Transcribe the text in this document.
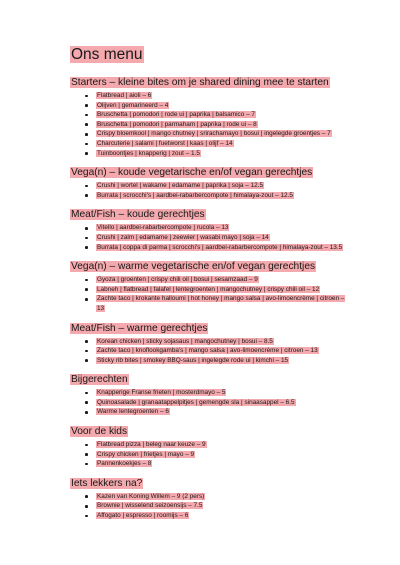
Ons menu
Starters – kleine bites om je shared dining mee te starten
Flatbread | aioli – 6
Olijven | gemarineerd – 4
Bruschetta | pomodori | rode ui | paprika | balsamico – 7
Bruschetta | pomodori | parmaham | paprika | rode ui – 8
Crispy bloemkool | mango chutney | srirachamayo | bosui | ingelegde groentjes – 7
Charcuterie | salami | fuetworst | kaas | olijf – 14
Tuinboontjes | knapperig | zout – 1.5
Vega(n) – koude vegetarische en/of vegan gerechtjes
Crushi | wortel | wakame | edamame | paprika | soja – 12.5
Burrata | scrocchi's | aardbei-rabarbercompote | himalaya-zout – 12.5
Meat/Fish – koude gerechtjes
Vitello | aardbei-rabarbercompote | rucola – 13
Crushi | zalm | edamame | zeewier | wasabi mayo | soja – 14
Burrata | coppa di parma | scrocchi's | aardbei-rabarbercompote | himalaya-zout – 13.5
Vega(n) – warme vegetarische en/of vegan gerechtjes
Gyoza | groenten | crispy chili oil | bosui | sesamzaad – 9
Labneh | flatbread | falafel | lentegroenten | mangochutney | crispy chili oil – 12
Zachte taco | krokante halloumi | hot honey | mango salsa | avo-limoencrème | citroen – 13
Meat/Fish – warme gerechtjes
Korean chicken | sticky sojasaus | mangochutney | bosui – 8.5
Zachte taco | knoflookgamba's | mango salsa | avo-limoencrème | citroen – 13
Sticky rib bites | smokey BBQ-saus | ingelegde rode ui | kimchi – 15
Bijgerechten
Knapperige Franse frieten | mosterdmayo – 5
Quinoasalade | granaatappelpitjes | gemengde sla | sinaasappel – 6.5
Warme lentegroenten – 6
Voor de kids
Flatbread pizza | beleg naar keuze – 9
Crispy chicken | frietjes | mayo – 9
Pannenkoekjes – 8
Iets lekkers na?
Kazen van Koning Willem – 9 (2 pers)
Brownie | wisselend seizoensijs – 7.5
Affogato | espresso | roomijs – 6
